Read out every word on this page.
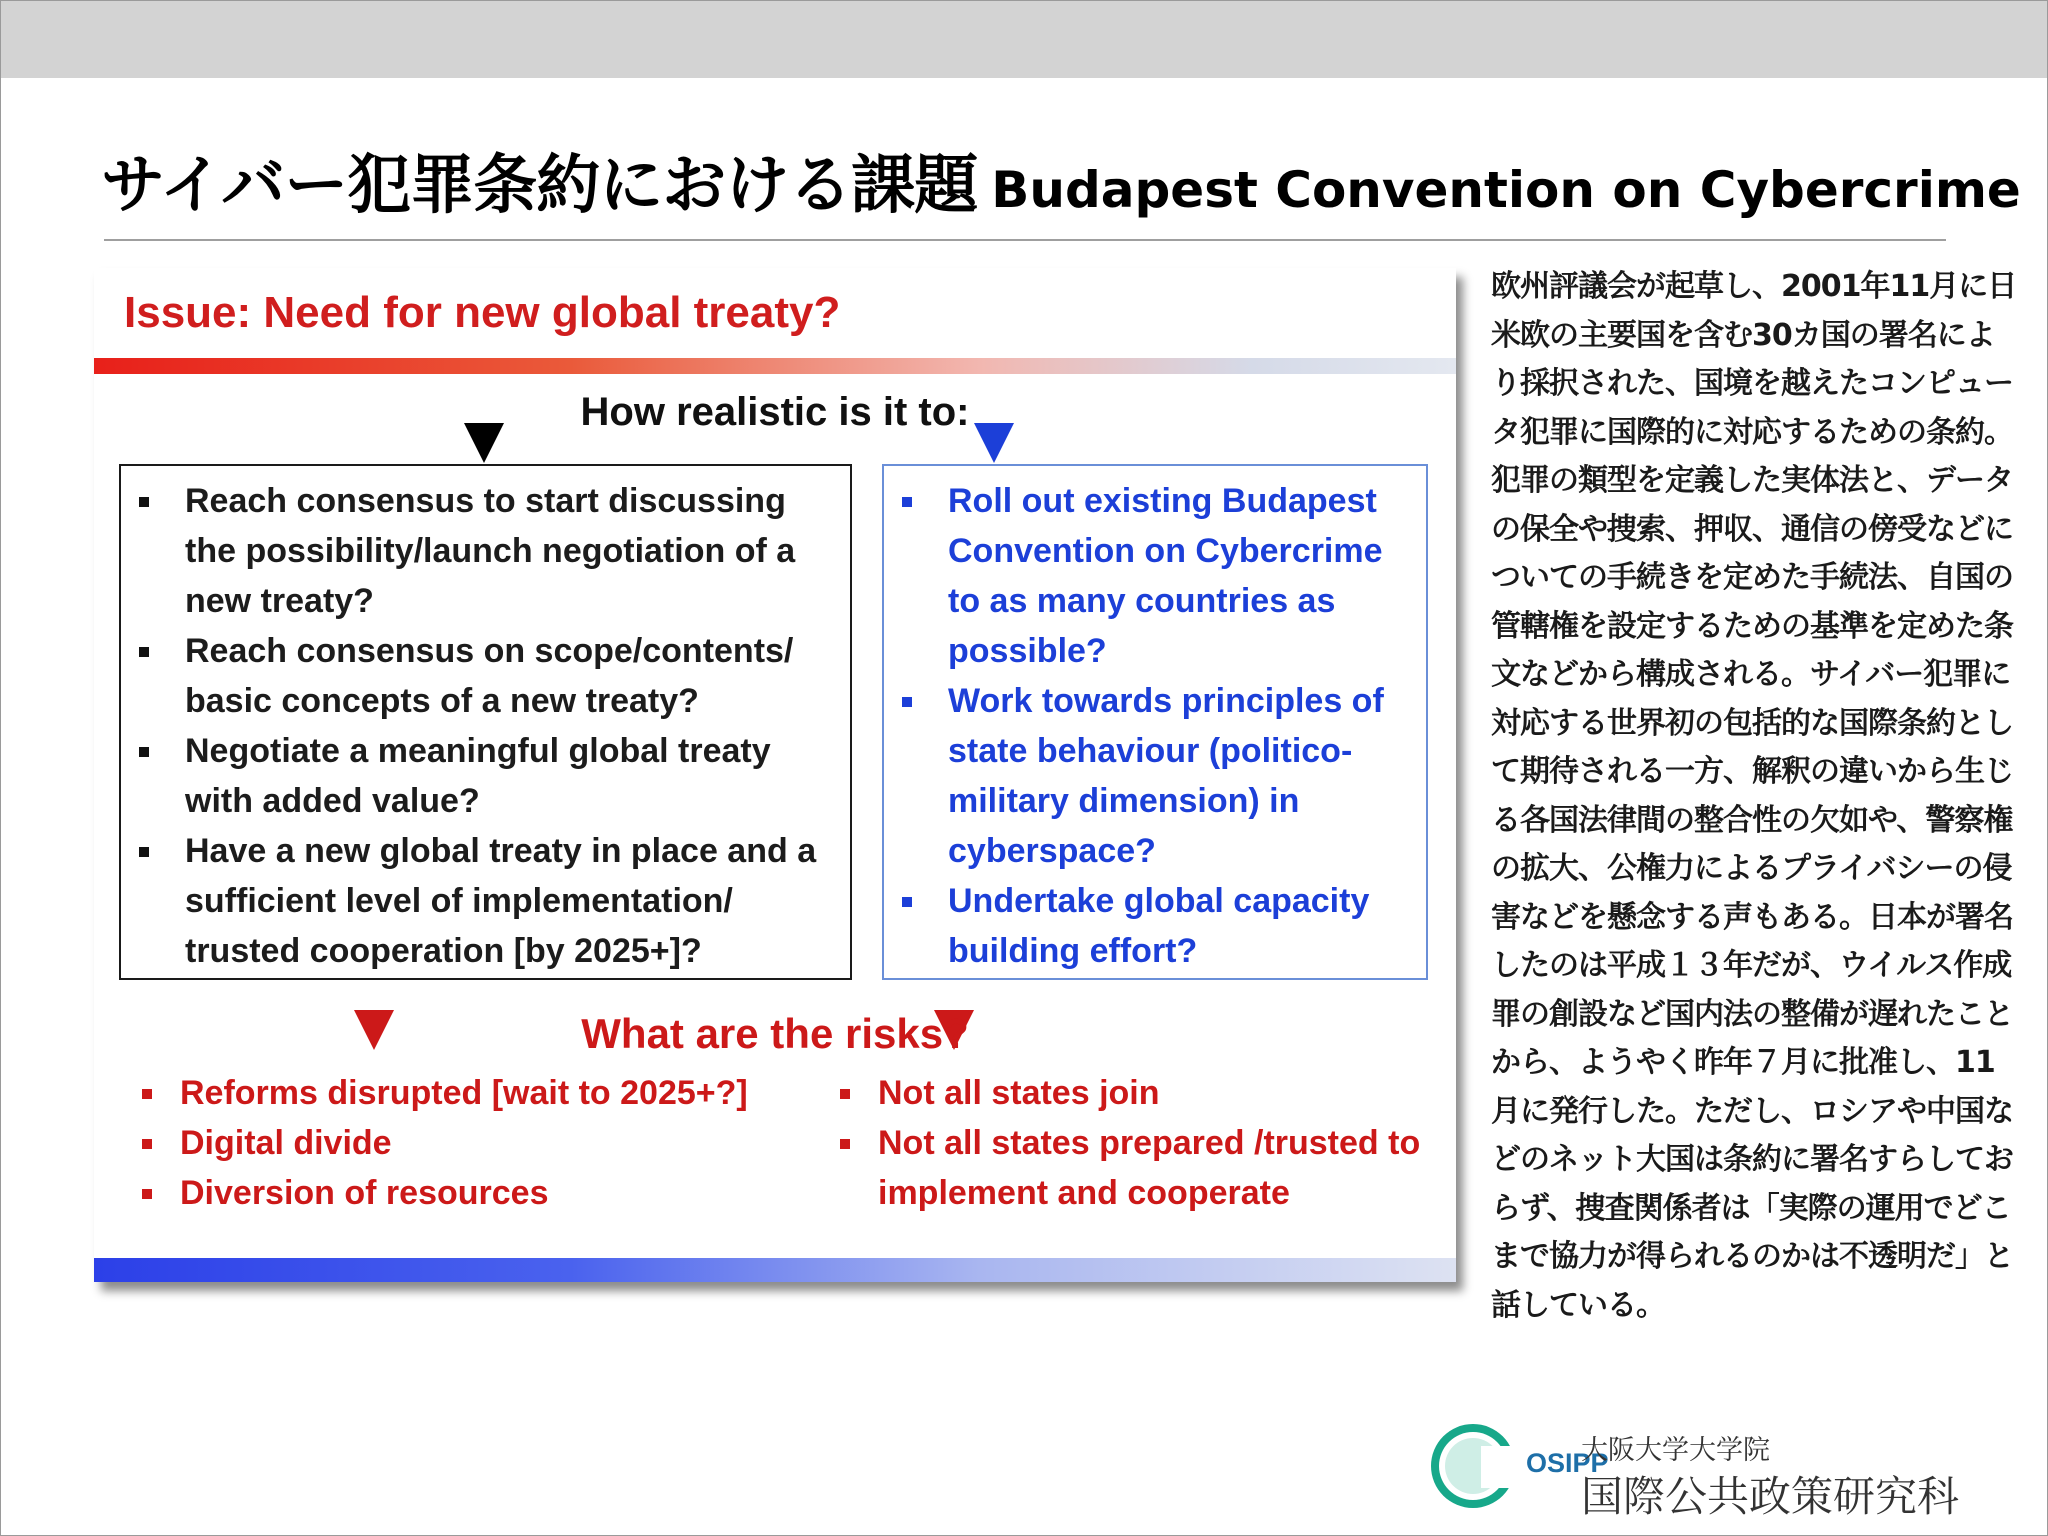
サイバー犯罪条約における課題 Budapest Convention on Cybercrime
Issue: Need for new global treaty?
How realistic is it to:
Reach consensus to start discussing the possibility/launch negotiation of a new treaty?
Reach consensus on scope/contents/ basic concepts of a new treaty?
Negotiate a meaningful global treaty with added value?
Have a new global treaty in place and a sufficient level of implementation/ trusted cooperation [by 2025+]?
Roll out existing Budapest Convention on Cybercrime to as many countries as possible?
Work towards principles of state behaviour (politico-military dimension) in cyberspace?
Undertake global capacity building effort?
What are the risks?
Reforms disrupted [wait to 2025+?]
Digital divide
Diversion of resources
Not all states join
Not all states prepared /trusted to implement and cooperate
欧州評議会が起草し、2001年11月に日米欧の主要国を含む30カ国の署名により採択された、国境を越えたコンピュータ犯罪に国際的に対応するための条約。犯罪の類型を定義した実体法と、データの保全や捜索、押収、通信の傍受などについての手続きを定めた手続法、自国の管轄権を設定するための基準を定めた条文などから構成される。サイバー犯罪に対応する世界初の包括的な国際条約として期待される一方、解釈の違いから生じる各国法律間の整合性の欠如や、警察権の拡大、公権力によるプライバシーの侵害などを懸念する声もある。日本が署名したのは平成１３年だが、ウイルス作成罪の創設など国内法の整備が遅れたことから、ようやく昨年７月に批准し、11月に発行した。ただし、ロシアや中国などのネット大国は条約に署名すらしておらず、捜査関係者は「実際の運用でどこまで協力が得られるのかは不透明だ」と話している。
OSIPP
大阪大学大学院
国際公共政策研究科
